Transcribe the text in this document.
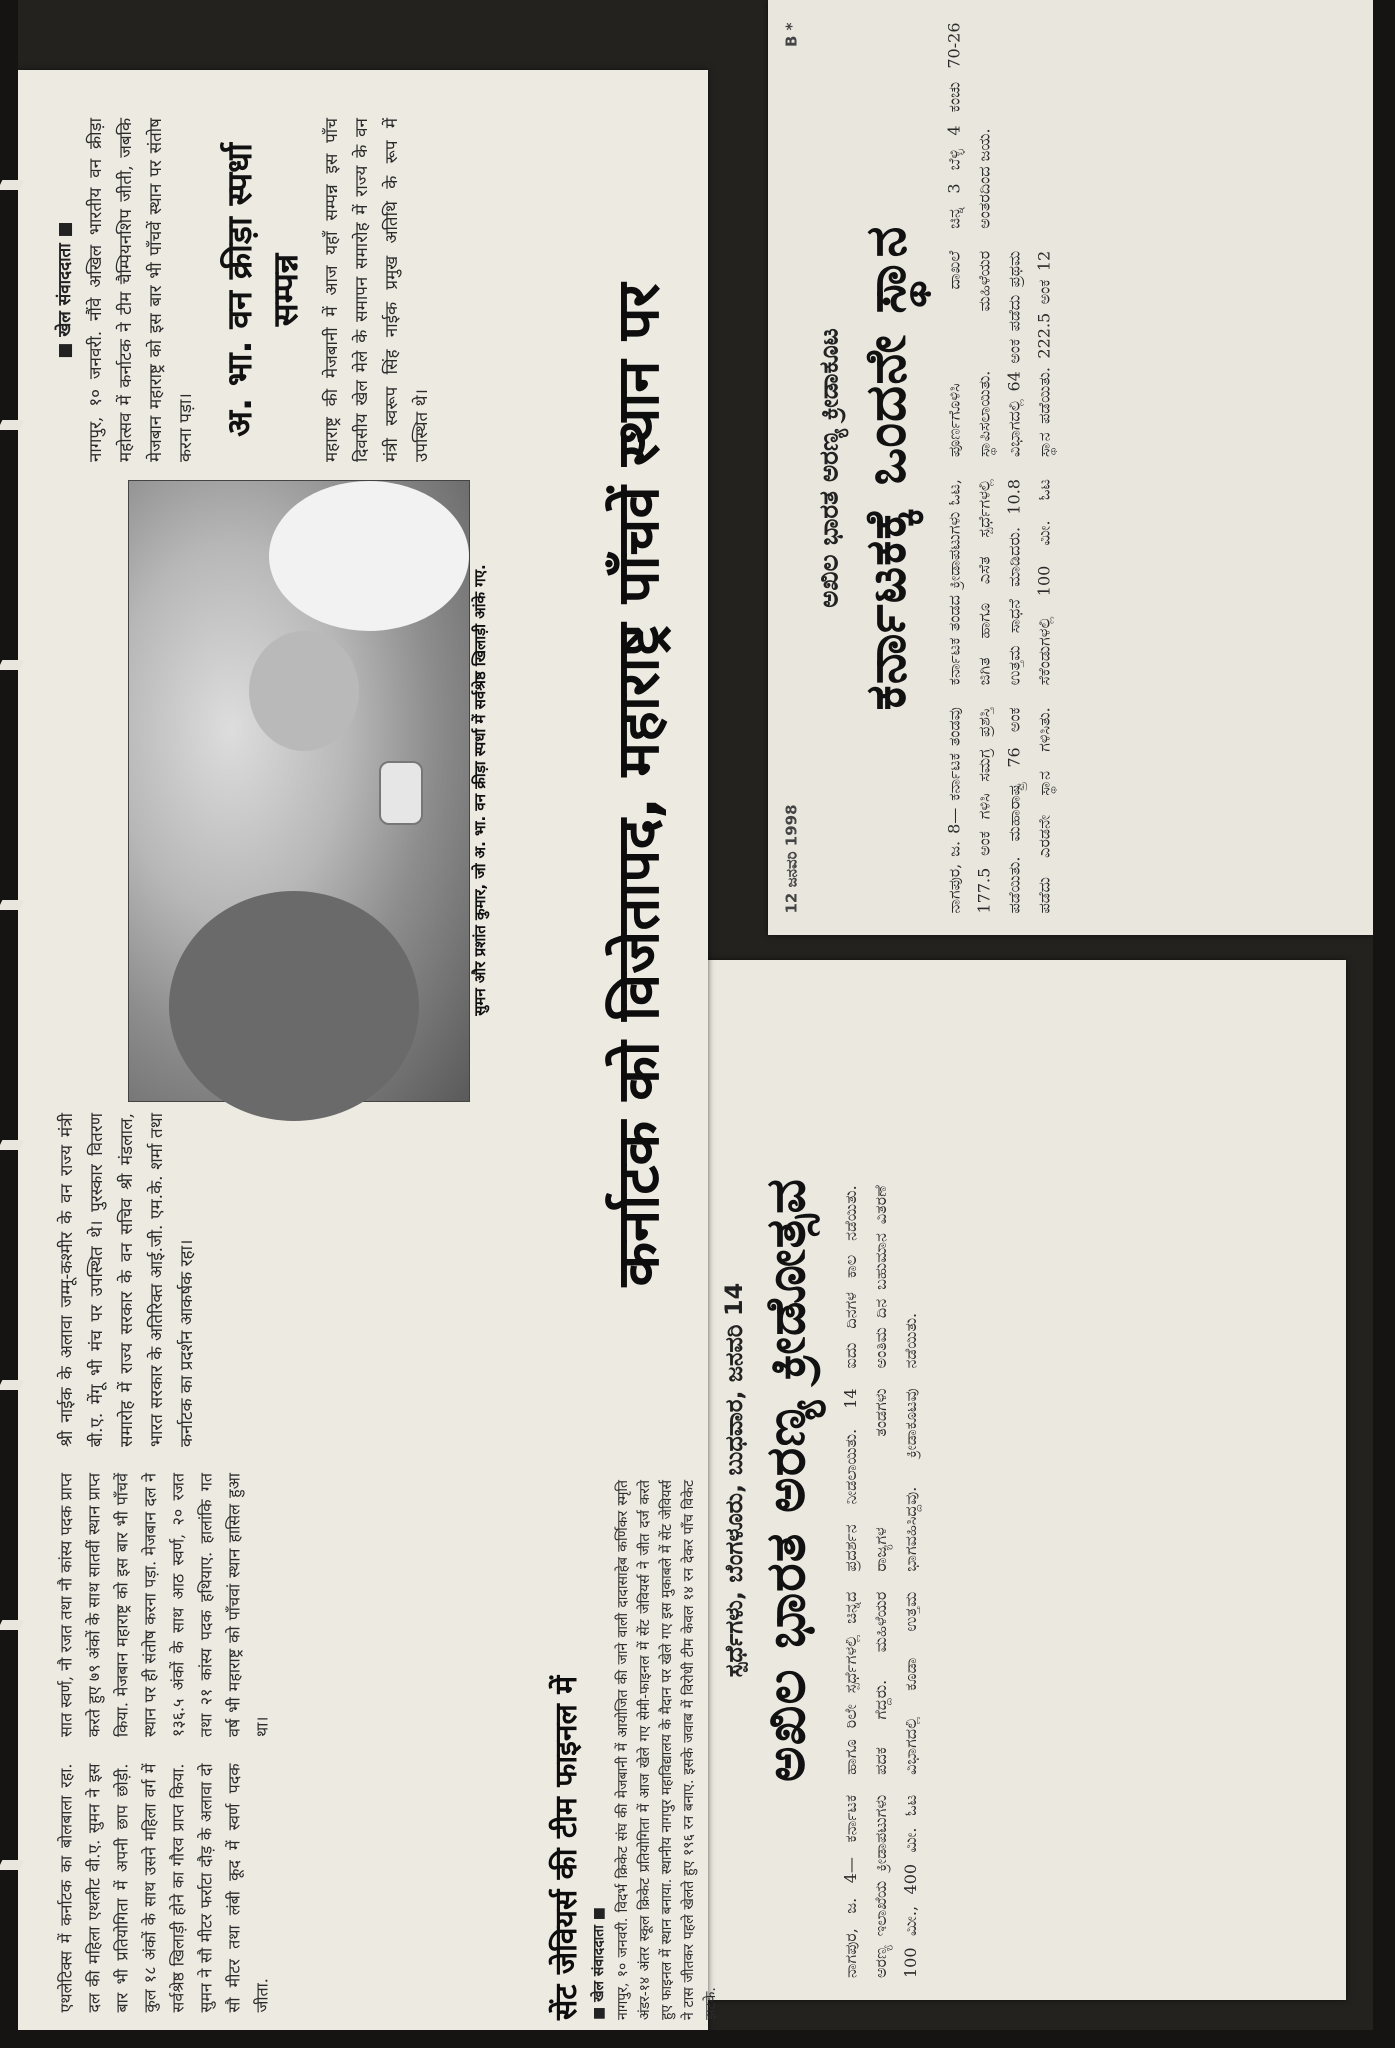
12 ಜನವರಿ 1998
B *
ಅಖಿಲ ಭಾರತ ಅರಣ್ಯ ಕ್ರೀಡಾಕೂಟ ಕರ್ನಾಟಕಕ್ಕೆ ಒಂದನೇ ಸ್ಥಾನ
ನಾಗಪುರ, ಜ. 8— ಕರ್ನಾಟಕ ತಂಡವು 177.5 ಅಂಕ ಗಳಿಸಿ ಸಮಗ್ರ ಪ್ರಶಸ್ತಿ ಪಡೆಯಿತು. ಮಹಾರಾಷ್ಟ್ರ 76 ಅಂಕ ಪಡೆದು ಎರಡನೇ ಸ್ಥಾನ ಗಳಿಸಿತು. ಕರ್ನಾಟಕ ತಂಡದ ಕ್ರೀಡಾಪಟುಗಳು ಓಟ, ಜಿಗಿತ ಹಾಗೂ ಎಸೆತ ಸ್ಪರ್ಧೆಗಳಲ್ಲಿ ಉತ್ತಮ ಸಾಧನೆ ಮಾಡಿದರು. 10.8 ಸೆಕೆಂಡುಗಳಲ್ಲಿ 100 ಮೀ. ಓಟ ಪೂರ್ಣಗೊಳಿಸಿ ದಾಖಲೆ ಸ್ಥಾಪಿಸಲಾಯಿತು. ಮಹಿಳೆಯರ ವಿಭಾಗದಲ್ಲಿ 64 ಅಂಕ ಪಡೆದು ಪ್ರಥಮ ಸ್ಥಾನ ಪಡೆಯಿತು. 222.5 ಅಂಕ 12 ಚಿನ್ನ 3 ಬೆಳ್ಳಿ 4 ಕಂಚು 70-26 ಅಂತರದಿಂದ ಜಯ.
ಸ್ಪರ್ಧೆಗಳು, ಬೆಂಗಳೂರು, ಬುಧವಾರ, ಜನವರಿ 14 ಅಖಿಲ ಭಾರತ ಅರಣ್ಯ ಕ್ರೀಡೋತ್ಸವ
ನಾಗಪುರ, ಜ. 4— ಕರ್ನಾಟಕ ಅರಣ್ಯ ಇಲಾಖೆಯ ಕ್ರೀಡಾಪಟುಗಳು 100 ಮೀ., 400 ಮೀ. ಓಟ ಹಾಗೂ ರಿಲೇ ಸ್ಪರ್ಧೆಗಳಲ್ಲಿ ಚಿನ್ನದ ಪದಕ ಗೆದ್ದರು. ಮಹಿಳೆಯರ ವಿಭಾಗದಲ್ಲಿ ಕೂಡಾ ಉತ್ತಮ ಪ್ರದರ್ಶನ ನೀಡಲಾಯಿತು. 14 ರಾಜ್ಯಗಳ ತಂಡಗಳು ಭಾಗವಹಿಸಿದ್ದವು. ಕ್ರೀಡಾಕೂಟವು ಐದು ದಿನಗಳ ಕಾಲ ನಡೆಯಿತು. ಅಂತಿಮ ದಿನ ಬಹುಮಾನ ವಿತರಣೆ ನಡೆಯಿತು.
सेंट जेवियर्स की टीम फाइनल में ■ खेल संवाददाता ■ नागपुर, १० जनवरी. विदर्भ क्रिकेट संघ की मेजबानी में आयोजित की जाने वाली दादासाहेब कर्णिकर स्मृति अंडर-१४ अंतर स्कूल क्रिकेट प्रतियोगिता में आज खेले गए सेमी-फाइनल में सेंट जेवियर्स ने जीत दर्ज करते हुए फाइनल में स्थान बनाया. स्थानीय नागपुर महाविद्यालय के मैदान पर खेले गए इस मुकाबले में सेंट जेवियर्स ने टास जीतकर पहले खेलते हुए १९६ रन बनाए. इसके जवाब में विरोधी टीम केवल १४ रन देकर पाँच विकेट झटके.
कर्नाटक को विजेतापद, महाराष्ट्र पाँचवें स्थान पर
■ खेल संवाददाता ■ नागपुर, १० जनवरी. नौंवे अखिल भारतीय वन क्रीड़ा महोत्सव में कर्नाटक ने टीम चैम्पियनशिप जीती, जबकि मेजबान महाराष्ट्र को इस बार भी पाँचवें स्थान पर संतोष करना पड़ा। अ. भा. वन क्रीड़ा स्पर्धा सम्पन्न महाराष्ट्र की मेजबानी में आज यहाँ सम्पन्न इस पाँच दिवसीय खेल मेले के समापन समारोह में राज्य के वन मंत्री स्वरूप सिंह नाईक प्रमुख अतिथि के रूप में उपस्थित थे।
सुमन और प्रशांत कुमार, जो अ. भा. वन क्रीड़ा स्पर्धा में सर्वश्रेष्ठ खिलाड़ी आंके गए.
श्री नाईक के अलावा जम्मू-कश्मीर के वन राज्य मंत्री बी.ए. मेंगू भी मंच पर उपस्थित थे। पुरस्कार वितरण समारोह में राज्य सरकार के वन सचिव श्री मंडलाल, भारत सरकार के अतिरिक्त आई.जी. एम.के. शर्मा तथा कर्नाटक का प्रदर्शन आकर्षक रहा।
सात स्वर्ण, नौ रजत तथा नौ कांस्य पदक प्राप्त करते हुए ७९ अंकों के साथ सातवीं स्थान प्राप्त किया. मेजबान महाराष्ट्र को इस बार भी पाँचवें स्थान पर ही संतोष करना पड़ा. मेजबान दल ने १३६.५ अंकों के साथ आठ स्वर्ण, २० रजत तथा २१ कांस्य पदक हथियाए. हालांकि गत वर्ष भी महाराष्ट्र को पाँचवां स्थान हासिल हुआ था।
एथलेटिक्स में कर्नाटक का बोलबाला रहा. दल की महिला एथलीट वी.ए. सुमन ने इस बार भी प्रतियोगिता में अपनी छाप छोड़ी. कुल १८ अंकों के साथ उसने महिला वर्ग में सर्वश्रेष्ठ खिलाड़ी होने का गौरव प्राप्त किया. सुमन ने सौ मीटर फर्राटा दौड़ के अलावा दो सौ मीटर तथा लंबी कूद में स्वर्ण पदक जीता.
